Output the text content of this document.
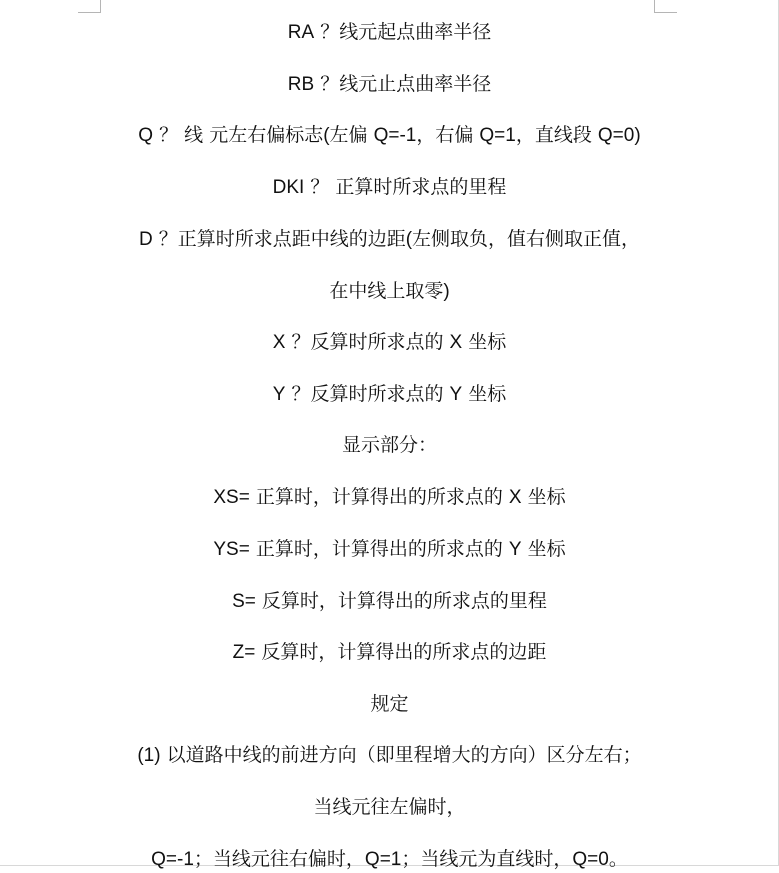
RA ？线元起点曲率半径
RB ？线元止点曲率半径
Q ？ 线 元左右偏标志(左偏 Q=-1，右偏 Q=1，直线段 Q=0)
DKI ？ 正算时所求点的里程
D ？正算时所求点距中线的边距(左侧取负，值右侧取正值，
在中线上取零)
X ？反算时所求点的 X 坐标
Y ？反算时所求点的 Y 坐标
显示部分：
XS= 正算时，计算得出的所求点的 X 坐标
YS= 正算时，计算得出的所求点的 Y 坐标
S= 反算时，计算得出的所求点的里程
Z= 反算时，计算得出的所求点的边距
规定
(1) 以道路中线的前进方向（即里程增大的方向）区分左右；
当线元往左偏时，
Q=-1；当线元往右偏时，Q=1；当线元为直线时，Q=0。
